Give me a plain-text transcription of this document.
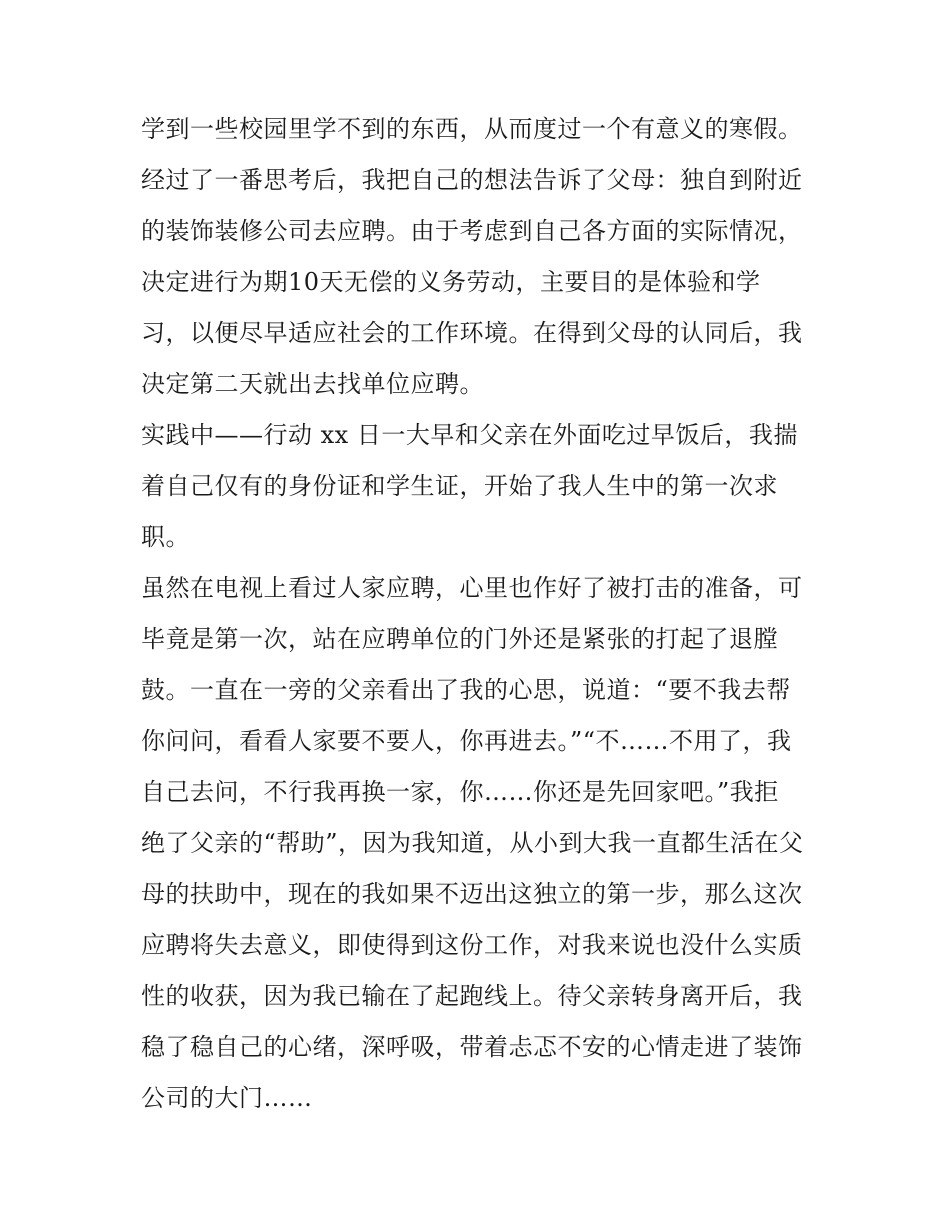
学到一些校园里学不到的东西，从而度过一个有意义的寒假。
经过了一番思考后，我把自己的想法告诉了父母：独自到附近
的装饰装修公司去应聘。由于考虑到自己各方面的实际情况，
决定进行为期10天无偿的义务劳动，主要目的是体验和学
习，以便尽早适应社会的工作环境。在得到父母的认同后，我
决定第二天就出去找单位应聘。
实践中——行动 xx 日一大早和父亲在外面吃过早饭后，我揣
着自己仅有的身份证和学生证，开始了我人生中的第一次求
职。
虽然在电视上看过人家应聘，心里也作好了被打击的准备，可
毕竟是第一次，站在应聘单位的门外还是紧张的打起了退膛
鼓。一直在一旁的父亲看出了我的心思，说道：“要不我去帮
你问问，看看人家要不要人，你再进去。”“不……不用了，我
自己去问，不行我再换一家，你……你还是先回家吧。”我拒
绝了父亲的“帮助”，因为我知道，从小到大我一直都生活在父
母的扶助中，现在的我如果不迈出这独立的第一步，那么这次
应聘将失去意义，即使得到这份工作，对我来说也没什么实质
性的收获，因为我已输在了起跑线上。待父亲转身离开后，我
稳了稳自己的心绪，深呼吸，带着忐忑不安的心情走进了装饰
公司的大门……
